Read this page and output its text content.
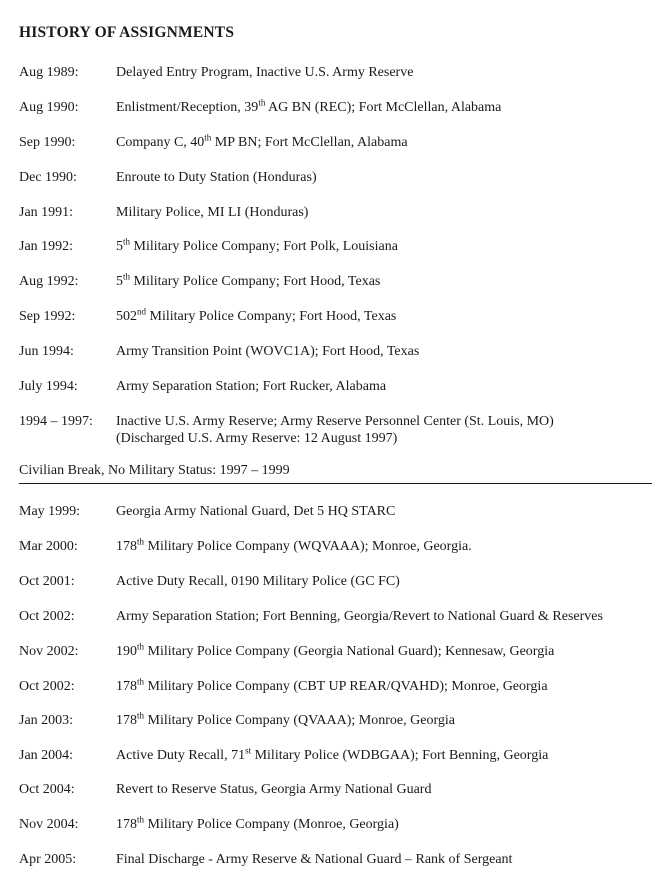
HISTORY OF ASSIGNMENTS
Aug 1989:	Delayed Entry Program, Inactive U.S. Army Reserve
Aug 1990:	Enlistment/Reception, 39th AG BN (REC); Fort McClellan, Alabama
Sep 1990:	Company C, 40th MP BN; Fort McClellan, Alabama
Dec 1990:	Enroute to Duty Station (Honduras)
Jan 1991:	Military Police, MI LI (Honduras)
Jan 1992:	5th Military Police Company; Fort Polk, Louisiana
Aug 1992:	5th Military Police Company; Fort Hood, Texas
Sep 1992:	502nd Military Police Company; Fort Hood, Texas
Jun 1994:	Army Transition Point (WOVC1A); Fort Hood, Texas
July 1994:	Army Separation Station; Fort Rucker, Alabama
1994 – 1997: Inactive U.S. Army Reserve; Army Reserve Personnel Center (St. Louis, MO)
(Discharged U.S. Army Reserve: 12 August 1997)
Civilian Break, No Military Status: 1997 – 1999
May 1999:	Georgia Army National Guard, Det 5 HQ STARC
Mar 2000:	178th Military Police Company (WQVAAA); Monroe, Georgia.
Oct 2001:	Active Duty Recall, 0190 Military Police (GC FC)
Oct 2002:	Army Separation Station; Fort Benning, Georgia/Revert to National Guard & Reserves
Nov 2002:	190th Military Police Company (Georgia National Guard); Kennesaw, Georgia
Oct 2002:	178th Military Police Company (CBT UP REAR/QVAHD); Monroe, Georgia
Jan 2003:	178th Military Police Company (QVAAA); Monroe, Georgia
Jan 2004:	Active Duty Recall, 71st Military Police (WDBGAA); Fort Benning, Georgia
Oct 2004:	Revert to Reserve Status, Georgia Army National Guard
Nov 2004:	178th Military Police Company (Monroe, Georgia)
Apr 2005:	Final Discharge - Army Reserve & National Guard – Rank of Sergeant
